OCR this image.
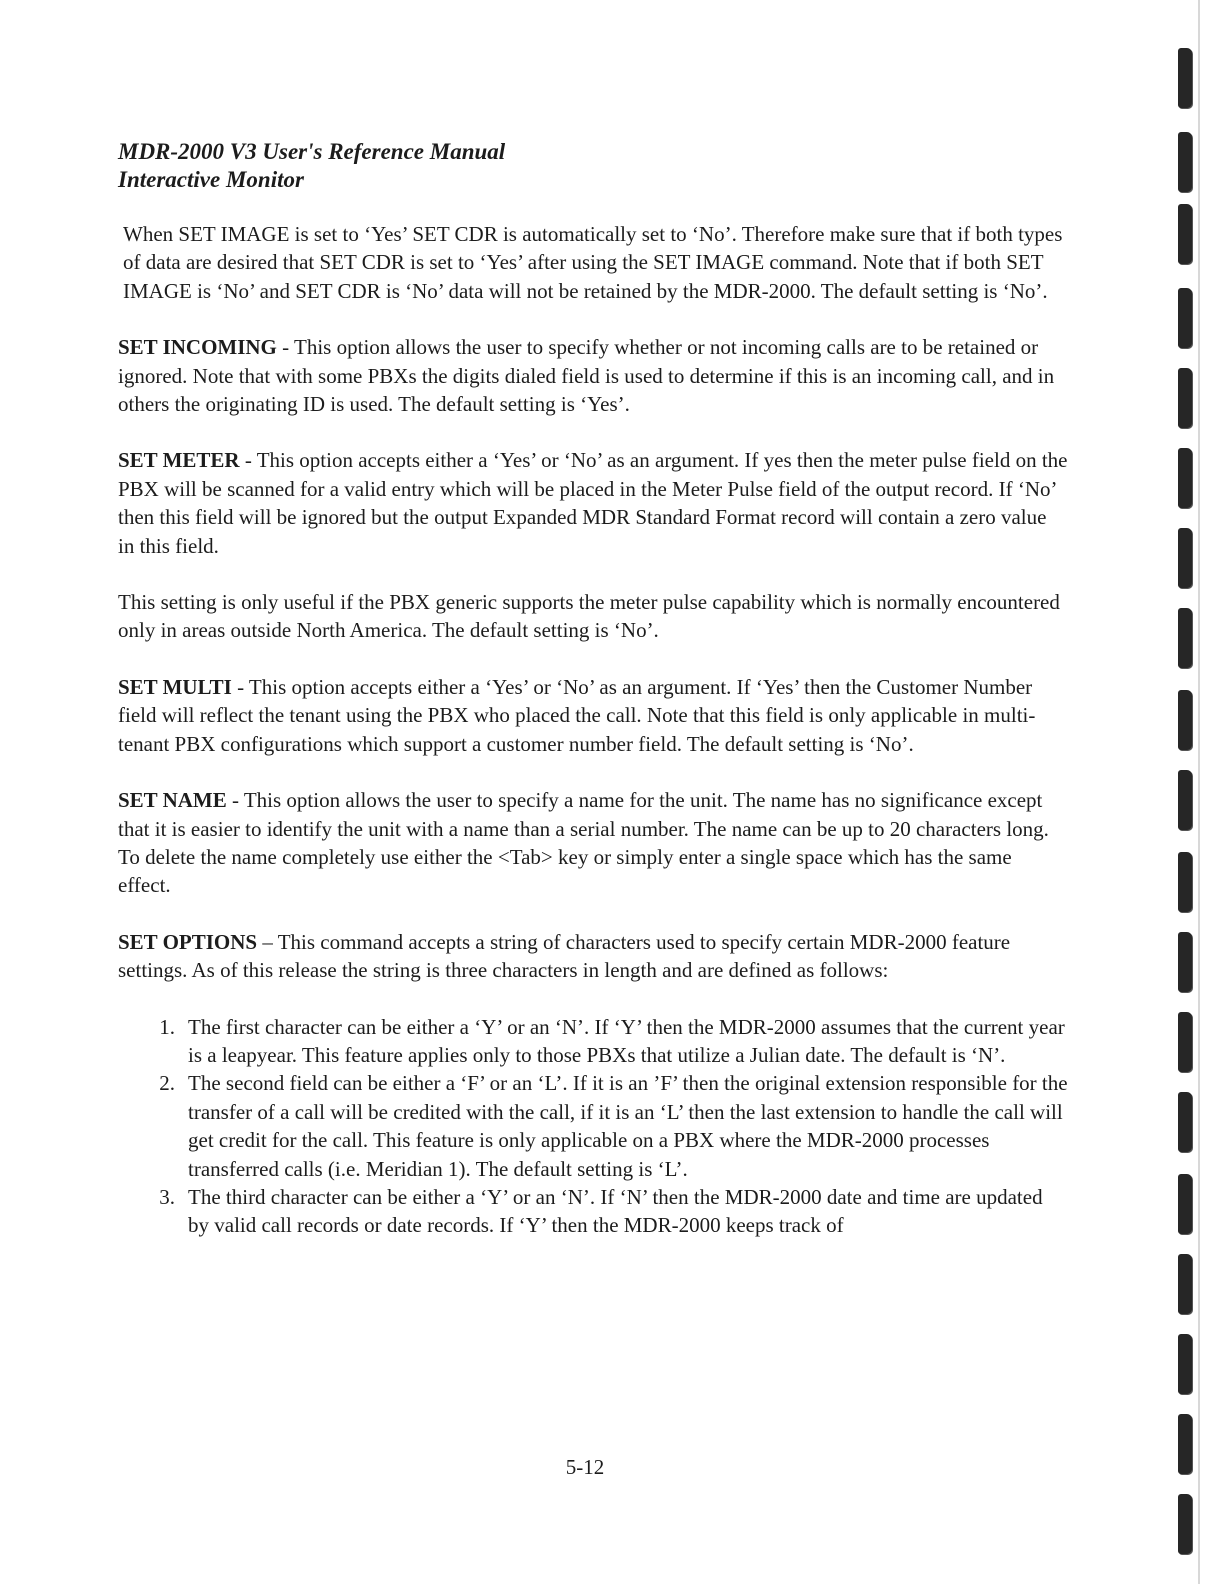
MDR-2000 V3 User's Reference Manual
Interactive Monitor

When SET IMAGE is set to ‘Yes’ SET CDR is automatically set to ‘No’. Therefore make sure that if both types of data are desired that SET CDR is set to ‘Yes’ after using the SET IMAGE command. Note that if both SET IMAGE is ‘No’ and SET CDR is ‘No’ data will not be retained by the MDR-2000. The default setting is ‘No’.

SET INCOMING - This option allows the user to specify whether or not incoming calls are to be retained or ignored. Note that with some PBXs the digits dialed field is used to determine if this is an incoming call, and in others the originating ID is used. The default setting is ‘Yes’.

SET METER - This option accepts either a ‘Yes’ or ‘No’ as an argument. If yes then the meter pulse field on the PBX will be scanned for a valid entry which will be placed in the Meter Pulse field of the output record. If ‘No’ then this field will be ignored but the output Expanded MDR Standard Format record will contain a zero value in this field.

This setting is only useful if the PBX generic supports the meter pulse capability which is normally encountered only in areas outside North America. The default setting is ‘No’.

SET MULTI - This option accepts either a ‘Yes’ or ‘No’ as an argument. If ‘Yes’ then the Customer Number field will reflect the tenant using the PBX who placed the call. Note that this field is only applicable in multi-tenant PBX configurations which support a customer number field. The default setting is ‘No’.

SET NAME - This option allows the user to specify a name for the unit. The name has no significance except that it is easier to identify the unit with a name than a serial number. The name can be up to 20 characters long. To delete the name completely use either the <Tab> key or simply enter a single space which has the same effect.

SET OPTIONS – This command accepts a string of characters used to specify certain MDR-2000 feature settings. As of this release the string is three characters in length and are defined as follows:

1. The first character can be either a ‘Y’ or an ‘N’. If ‘Y’ then the MDR-2000 assumes that the current year is a leapyear. This feature applies only to those PBXs that utilize a Julian date. The default is ‘N’.
2. The second field can be either a ‘F’ or an ‘L’. If it is an ’F’ then the original extension responsible for the transfer of a call will be credited with the call, if it is an ‘L’ then the last extension to handle the call will get credit for the call. This feature is only applicable on a PBX where the MDR-2000 processes transferred calls (i.e. Meridian 1). The default setting is ‘L’.
3. The third character can be either a ‘Y’ or an ‘N’. If ‘N’ then the MDR-2000 date and time are updated by valid call records or date records. If ‘Y’ then the MDR-2000 keeps track of
5-12
